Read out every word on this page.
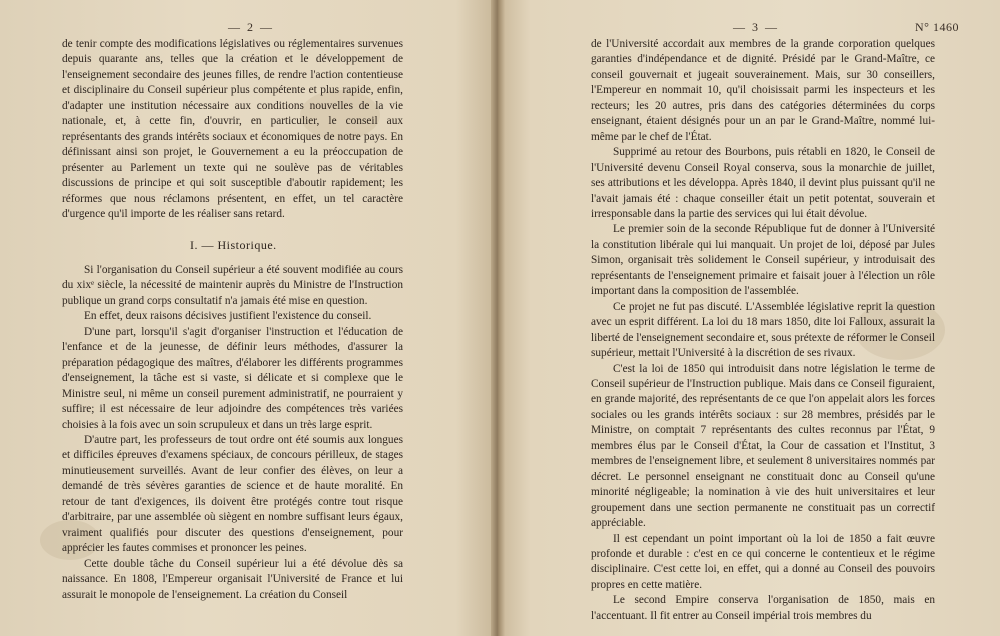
— 2 —

de tenir compte des modifications législatives ou réglementaires survenues depuis quarante ans, telles que la création et le développement de l'enseignement secondaire des jeunes filles, de rendre l'action contentieuse et disciplinaire du Conseil supérieur plus compétente et plus rapide, enfin, d'adapter une institution nécessaire aux conditions nouvelles de la vie nationale, et, à cette fin, d'ouvrir, en particulier, le conseil aux représentants des grands intérêts sociaux et économiques de notre pays. En définissant ainsi son projet, le Gouvernement a eu la préoccupation de présenter au Parlement un texte qui ne soulève pas de véritables discussions de principe et qui soit susceptible d'aboutir rapidement; les réformes que nous réclamons présentent, en effet, un tel caractère d'urgence qu'il importe de les réaliser sans retard.

I. — Historique.

Si l'organisation du Conseil supérieur a été souvent modifiée au cours du xixᵉ siècle, la nécessité de maintenir auprès du Ministre de l'Instruction publique un grand corps consultatif n'a jamais été mise en question.

En effet, deux raisons décisives justifient l'existence du conseil.

D'une part, lorsqu'il s'agit d'organiser l'instruction et l'éducation de l'enfance et de la jeunesse, de définir leurs méthodes, d'assurer la préparation pédagogique des maîtres, d'élaborer les différents programmes d'enseignement, la tâche est si vaste, si délicate et si complexe que le Ministre seul, ni même un conseil purement administratif, ne pourraient y suffire; il est nécessaire de leur adjoindre des compétences très variées choisies à la fois avec un soin scrupuleux et dans un très large esprit.

D'autre part, les professeurs de tout ordre ont été soumis aux longues et difficiles épreuves d'examens spéciaux, de concours périlleux, de stages minutieusement surveillés. Avant de leur confier des élèves, on leur a demandé de très sévères garanties de science et de haute moralité. En retour de tant d'exigences, ils doivent être protégés contre tout risque d'arbitraire, par une assemblée où siègent en nombre suffisant leurs égaux, vraiment qualifiés pour discuter des questions d'enseignement, pour apprécier les fautes commises et prononcer les peines.

Cette double tâche du Conseil supérieur lui a été dévolue dès sa naissance. En 1808, l'Empereur organisait l'Université de France et lui assurait le monopole de l'enseignement. La création du Conseil

— 3 —	N° 1460

de l'Université accordait aux membres de la grande corporation quelques garanties d'indépendance et de dignité. Présidé par le Grand-Maître, ce conseil gouvernait et jugeait souverainement. Mais, sur 30 conseillers, l'Empereur en nommait 10, qu'il choisissait parmi les inspecteurs et les recteurs; les 20 autres, pris dans des catégories déterminées du corps enseignant, étaient désignés pour un an par le Grand-Maître, nommé lui-même par le chef de l'État.

Supprimé au retour des Bourbons, puis rétabli en 1820, le Conseil de l'Université devenu Conseil Royal conserva, sous la monarchie de juillet, ses attributions et les développa. Après 1840, il devint plus puissant qu'il ne l'avait jamais été : chaque conseiller était un petit potentat, souverain et irresponsable dans la partie des services qui lui était dévolue.

Le premier soin de la seconde République fut de donner à l'Université la constitution libérale qui lui manquait. Un projet de loi, déposé par Jules Simon, organisait très solidement le Conseil supérieur, y introduisait des représentants de l'enseignement primaire et faisait jouer à l'élection un rôle important dans la composition de l'assemblée.

Ce projet ne fut pas discuté. L'Assemblée législative reprit la question avec un esprit différent. La loi du 18 mars 1850, dite loi Falloux, assurait la liberté de l'enseignement secondaire et, sous prétexte de réformer le Conseil supérieur, mettait l'Université à la discrétion de ses rivaux.

C'est la loi de 1850 qui introduisit dans notre législation le terme de Conseil supérieur de l'Instruction publique. Mais dans ce Conseil figuraient, en grande majorité, des représentants de ce que l'on appelait alors les forces sociales ou les grands intérêts sociaux : sur 28 membres, présidés par le Ministre, on comptait 7 représentants des cultes reconnus par l'État, 9 membres élus par le Conseil d'État, la Cour de cassation et l'Institut, 3 membres de l'enseignement libre, et seulement 8 universitaires nommés par décret. Le personnel enseignant ne constituait donc au Conseil qu'une minorité négligeable; la nomination à vie des huit universitaires et leur groupement dans une section permanente ne constituait pas un correctif appréciable.

Il est cependant un point important où la loi de 1850 a fait œuvre profonde et durable : c'est en ce qui concerne le contentieux et le régime disciplinaire. C'est cette loi, en effet, qui a donné au Conseil des pouvoirs propres en cette matière.

Le second Empire conserva l'organisation de 1850, mais en l'accentuant. Il fit entrer au Conseil impérial trois membres du
